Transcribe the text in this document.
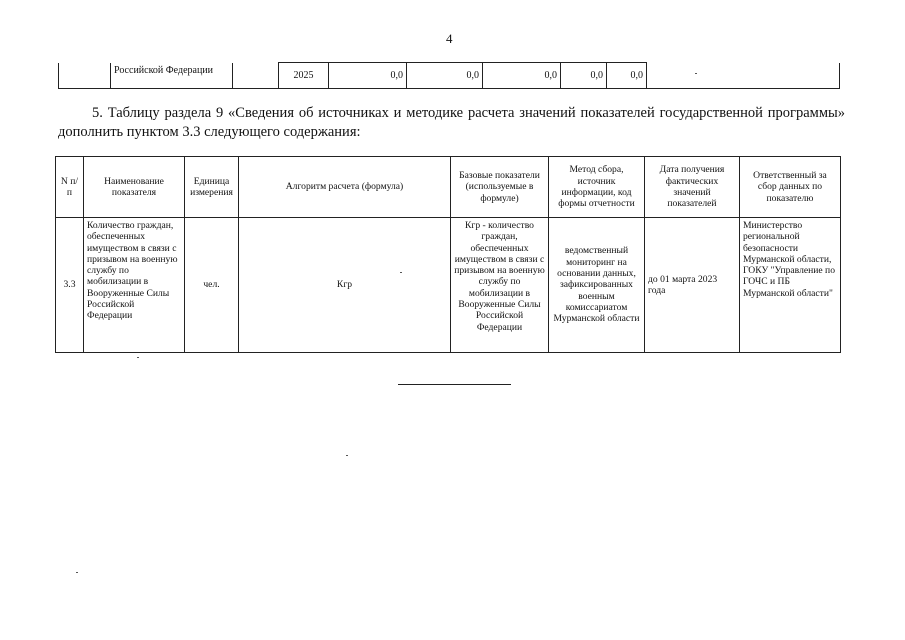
4
	Российской Федерации		2025	0,0	0,0	0,0	0,0	0,0	
5. Таблицу раздела 9 «Сведения об источниках и методике расчета значений показателей государственной программы» дополнить пунктом 3.3 следующего содержания:
N п/п	Наименование показателя	Единица измерения	Алгоритм расчета (формула)	Базовые показатели (используемые в формуле)	Метод сбора, источник информации, код формы отчетности	Дата получения фактических значений показателей	Ответственный за сбор данных по показателю
3.3	Количество граждан, обеспеченных имуществом в связи с призывом на военную службу по мобилизации в Вооруженные Силы Российской Федерации	чел.	Кгр	Кгр - количество граждан, обеспеченных имуществом в связи с призывом на военную службу по мобилизации в Вооруженные Силы Российской Федерации	ведомственный мониторинг на основании данных, зафиксированных военным комиссариатом Мурманской области	до 01 марта 2023 года	Министерство региональной безопасности Мурманской области, ГОКУ "Управление по ГОЧС и ПБ Мурманской области"
